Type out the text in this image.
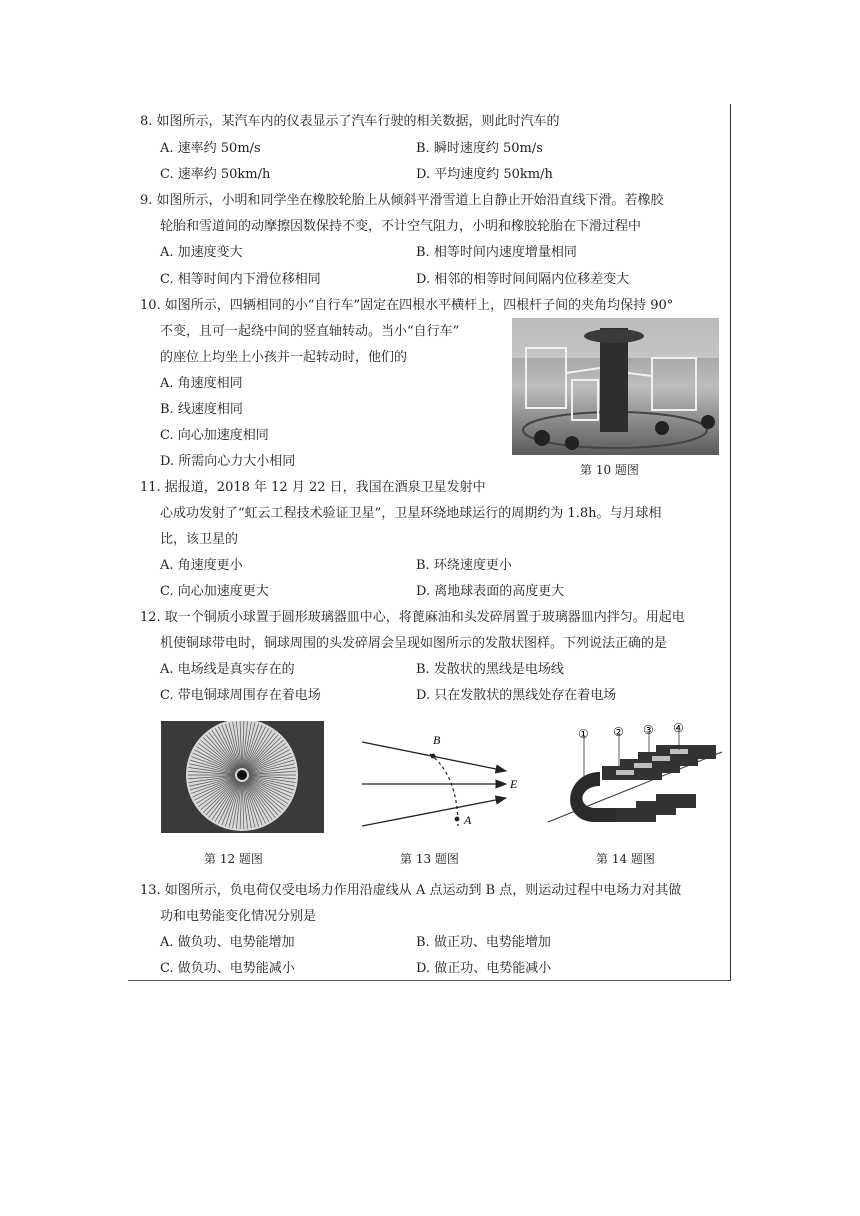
8. 如图所示，某汽车内的仪表显示了汽车行驶的相关数据，则此时汽车的
A. 速率约 50m/s	B. 瞬时速度约 50m/s
C. 速率约 50km/h	D. 平均速度约 50km/h
9. 如图所示，小明和同学坐在橡胶轮胎上从倾斜平滑雪道上自静止开始沿直线下滑。若橡胶
轮胎和雪道间的动摩擦因数保持不变，不计空气阻力，小明和橡胶轮胎在下滑过程中
A. 加速度变大	B. 相等时间内速度增量相同
C. 相等时间内下滑位移相同	D. 相邻的相等时间间隔内位移差变大
10. 如图所示，四辆相同的小“自行车”固定在四根水平横杆上，四根杆子间的夹角均保持 90°
不变，且可一起绕中间的竖直轴转动。当小“自行车”
的座位上均坐上小孩并一起转动时，他们的
A. 角速度相同
B. 线速度相同
C. 向心加速度相同
D. 所需向心力大小相同
第 10 题图
11. 据报道，2018 年 12 月 22 日，我国在酒泉卫星发射中
心成功发射了“虹云工程技术验证卫星”，卫星环绕地球运行的周期约为 1.8h。与月球相
比，该卫星的
A. 角速度更小	B. 环绕速度更小
C. 向心加速度更大	D. 离地球表面的高度更大
12. 取一个铜质小球置于圆形玻璃器皿中心，将蓖麻油和头发碎屑置于玻璃器皿内拌匀。用起电
机使铜球带电时，铜球周围的头发碎屑会呈现如图所示的发散状图样。下列说法正确的是
A. 电场线是真实存在的	B. 发散状的黑线是电场线
C. 带电铜球周围存在着电场	D. 只在发散状的黑线处存在着电场
第 12 题图
B
A
E
第 13 题图
① ② ③ ④
第 14 题图
13. 如图所示，负电荷仅受电场力作用沿虚线从 A 点运动到 B 点，则运动过程中电场力对其做
功和电势能变化情况分别是
A. 做负功、电势能增加	B. 做正功、电势能增加
C. 做负功、电势能减小	D. 做正功、电势能减小
